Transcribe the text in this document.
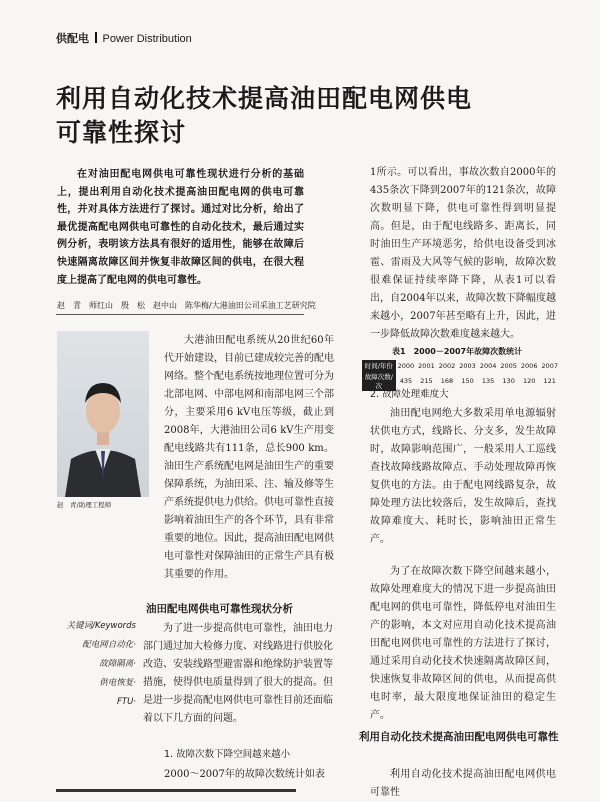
供配电 Power Distribution
利用自动化技术提高油田配电网供电
可靠性探讨
在对油田配电网供电可靠性现状进行分析的基础上，提出利用自动化技术提高油田配电网的供电可靠性，并对具体方法进行了探讨。通过对比分析，给出了最优提高配电网供电可靠性的自动化技术，最后通过实例分析，表明该方法具有很好的适用性，能够在故障后快速隔离故障区间并恢复非故障区间的供电，在很大程度上提高了配电网的供电可靠性。
赵　青　师红山　殷　松　赵中山　陈华梅/大港油田公司采油工艺研究院
赵　青/助理工程师
大港油田配电系统从20世纪60年代开始建设，目前已建成较完善的配电网络。整个配电系统按地理位置可分为北部电网、中部电网和南部电网三个部分，主要采用6 kV电压等级，截止到2008年，大港油田公司6 kV生产用变配电线路共有111条，总长900 km。油田生产系统配电网是油田生产的重要保障系统，为油田采、注、输及修等生产系统提供电力供给。供电可靠性直接影响着油田生产的各个环节，具有非常重要的地位。因此，提高油田配电网供电可靠性对保障油田的正常生产具有极其重要的作用。
关键词/Keywords
配电网自动化·
故障隔离·
供电恢复·
FTU·
油田配电网供电可靠性现状分析
为了进一步提高供电可靠性，油田电力部门通过加大检修力度、对线路进行供胶化改造、安装线路型避雷器和绝缘防护装置等措施，使得供电质量得到了很大的提高。但是进一步提高配电网供电可靠性目前还面临着以下几方面的问题。
1. 故障次数下降空间越来越小
2000～2007年的故障次数统计如表
1所示。可以看出，事故次数自2000年的435条次下降到2007年的121条次，故障次数明显下降，供电可靠性得到明显提高。但是，由于配电线路多、距离长，同时油田生产环境恶劣，给供电设备受到冰雹、雷雨及大风等气候的影响，故障次数很难保证持续率降下降，从表1可以看出，自2004年以来，故障次数下降幅度越来越小，2007年甚至略有上升，因此，进一步降低故障次数难度越来越大。
表1　2000－2007年故障次数统计
时间/年份	2000	2001	2002	2003	2004	2005	2006	2007
故障次数/次	435	215	168	150	135	130	120	121
2. 故障处理难度大
油田配电网绝大多数采用单电源辐射状供电方式，线路长、分支多，发生故障时，故障影响范围广，一般采用人工巡线查找故障线路故障点、手动处理故障再恢复供电的方法。由于配电网线路复杂，故障处理方法比较落后，发生故障后，查找故障难度大、耗时长，影响油田正常生产。
为了在故障次数下降空间越来越小，故障处理难度大的情况下进一步提高油田配电网的供电可靠性，降低停电对油田生产的影响，本文对应用自动化技术提高油田配电网供电可靠性的方法进行了探讨，通过采用自动化技术快速隔离故障区间，快速恢复非故障区间的供电，从而提高供电时率，最大限度地保证油田的稳定生产。
利用自动化技术提高油田配电网供电可靠性
利用自动化技术提高油田配电网供电可靠性
